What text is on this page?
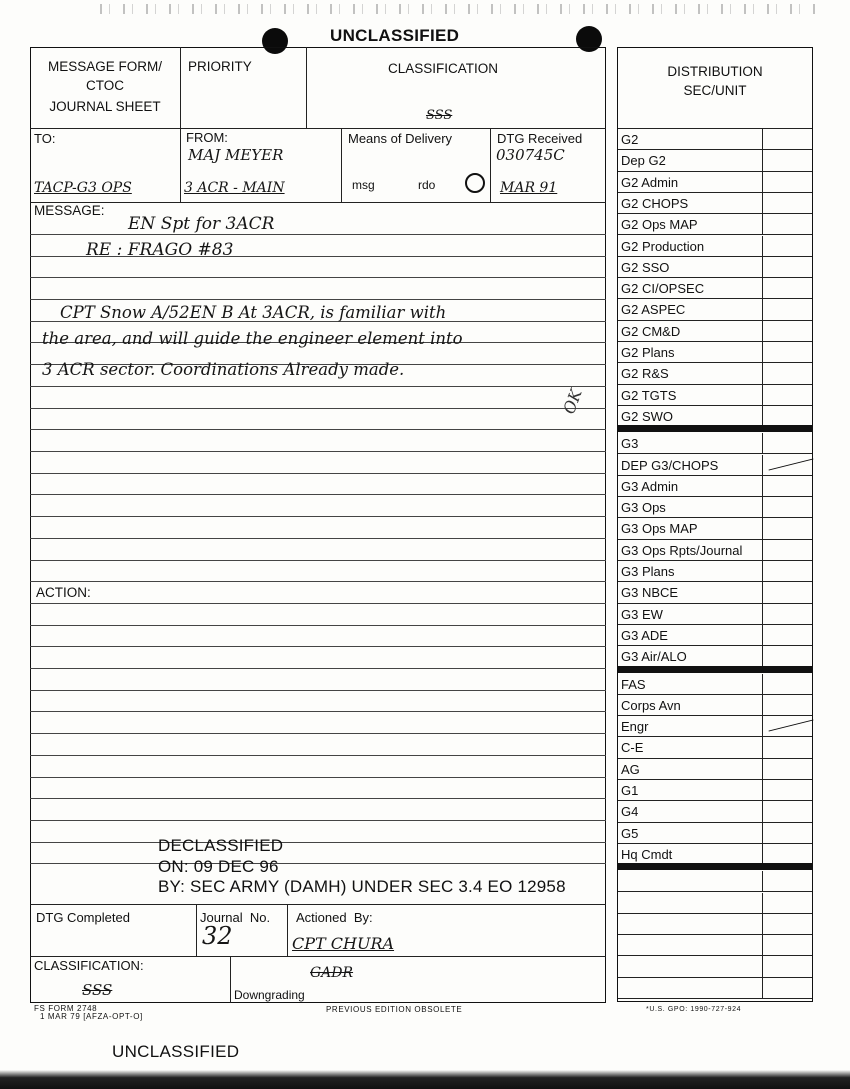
UNCLASSIFIED
MESSAGE FORM/
CTOC
JOURNAL SHEET
PRIORITY	CLASSIFICATION
SSS
TO:
TACP-G3 OPS
FROM:
MAJ MEYER
3 ACR - MAIN
Means of Delivery
msg	rdo
DTG Received
030745C
MAR 91
MESSAGE:
EN Spt for 3ACR
RE : FRAGO #83
CPT Snow A/52EN B At 3ACR, is familiar with
the area, and will guide the engineer element into
3 ACR sector. Coordinations Already made.
OK
ACTION:
DECLASSIFIED
ON: 09 DEC 96
BY: SEC ARMY (DAMH) UNDER SEC 3.4 EO 12958
DTG Completed	Journal  No.
32
Actioned  By:
CPT CHURA
CLASSIFICATION:
SSS	Downgrading
GADR
FS FORM 2748
1 MAR 79 [AFZA-OPT-O]
PREVIOUS EDITION OBSOLETE	*U.S. GPO: 1990-727-924
UNCLASSIFIED
DISTRIBUTION
SEC/UNIT
G2
Dep G2
G2 Admin
G2 CHOPS
G2 Ops MAP
G2 Production
G2 SSO
G2 CI/OPSEC
G2 ASPEC
G2 CM&D
G2 Plans
G2 R&S
G2 TGTS
G2 SWO
G3
DEP G3/CHOPS
G3 Admin
G3 Ops
G3 Ops MAP
G3 Ops Rpts/Journal
G3 Plans
G3 NBCE
G3 EW
G3 ADE
G3 Air/ALO
FAS
Corps Avn
Engr
C-E
AG
G1
G4
G5
Hq Cmdt
